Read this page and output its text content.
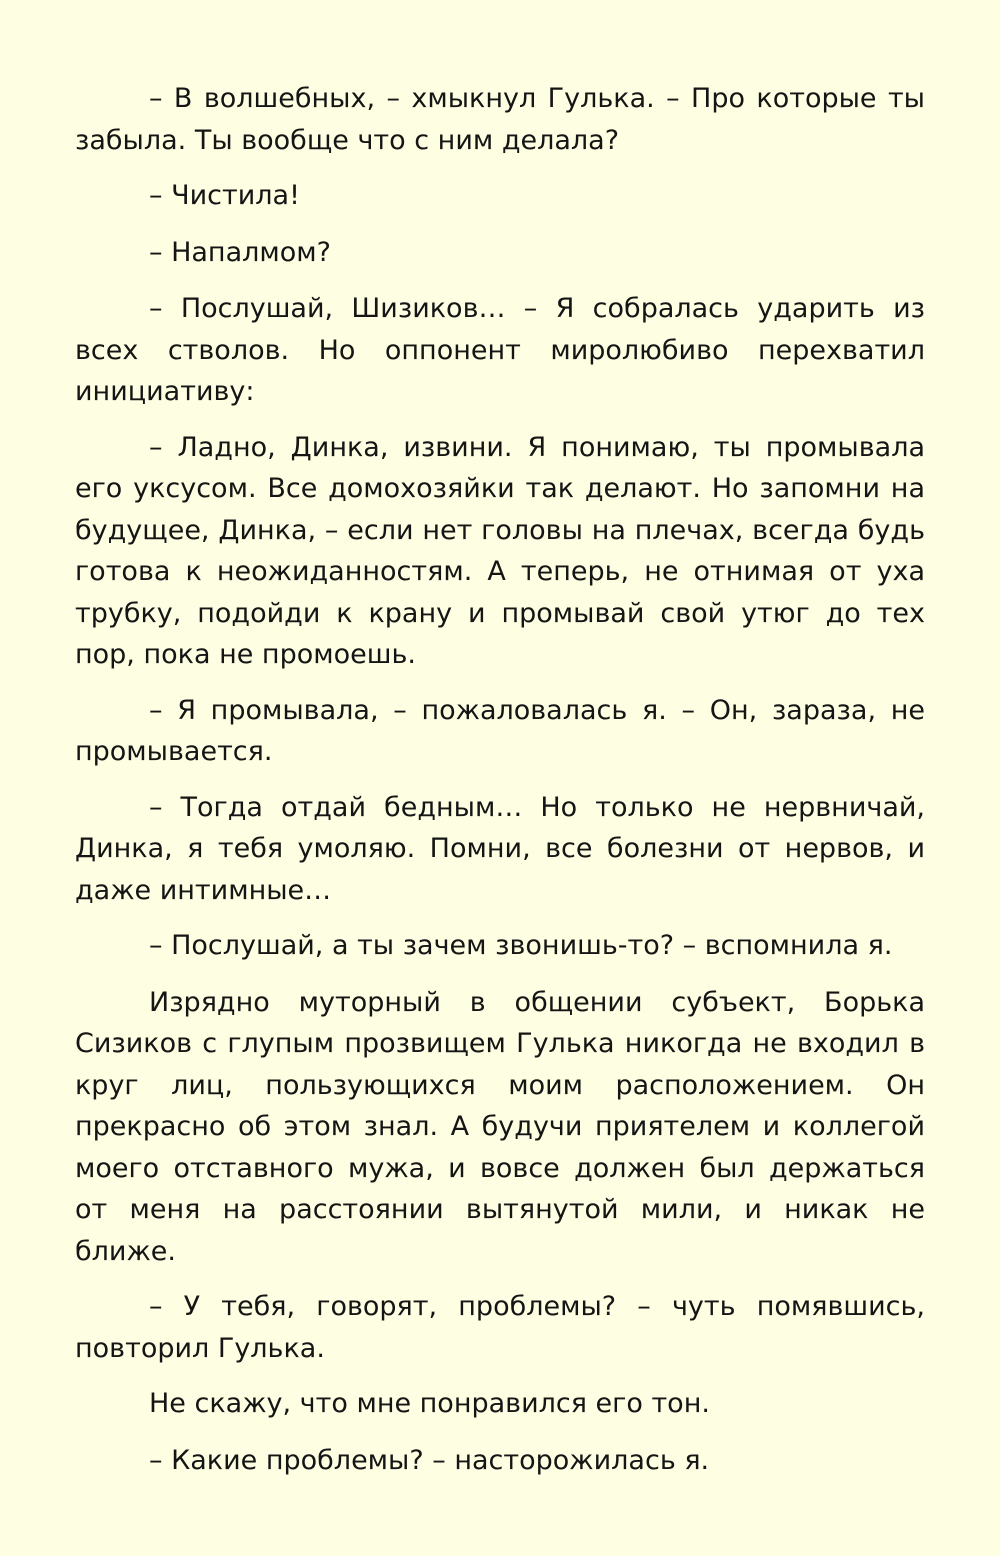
– В волшебных, – хмыкнул Гулька. – Про которые ты забыла. Ты вообще что с ним делала?

– Чистила!

– Напалмом?

– Послушай, Шизиков… – Я собралась ударить из всех стволов. Но оппонент миролюбиво перехватил инициативу:

– Ладно, Динка, извини. Я понимаю, ты промывала его уксусом. Все домохозяйки так делают. Но запомни на будущее, Динка, – если нет головы на плечах, всегда будь готова к неожиданностям. А теперь, не отнимая от уха трубку, подойди к крану и промывай свой утюг до тех пор, пока не промоешь.

– Я промывала, – пожаловалась я. – Он, зараза, не промывается.

– Тогда отдай бедным… Но только не нервничай, Динка, я тебя умоляю. Помни, все болезни от нервов, и даже интимные…

– Послушай, а ты зачем звонишь-то? – вспомнила я.

Изрядно муторный в общении субъект, Борька Сизиков с глупым прозвищем Гулька никогда не входил в круг лиц, пользующихся моим расположением. Он прекрасно об этом знал. А будучи приятелем и коллегой моего отставного мужа, и вовсе должен был держаться от меня на расстоянии вытянутой мили, и никак не ближе.

– У тебя, говорят, проблемы? – чуть помявшись, повторил Гулька.

Не скажу, что мне понравился его тон.

– Какие проблемы? – насторожилась я.
